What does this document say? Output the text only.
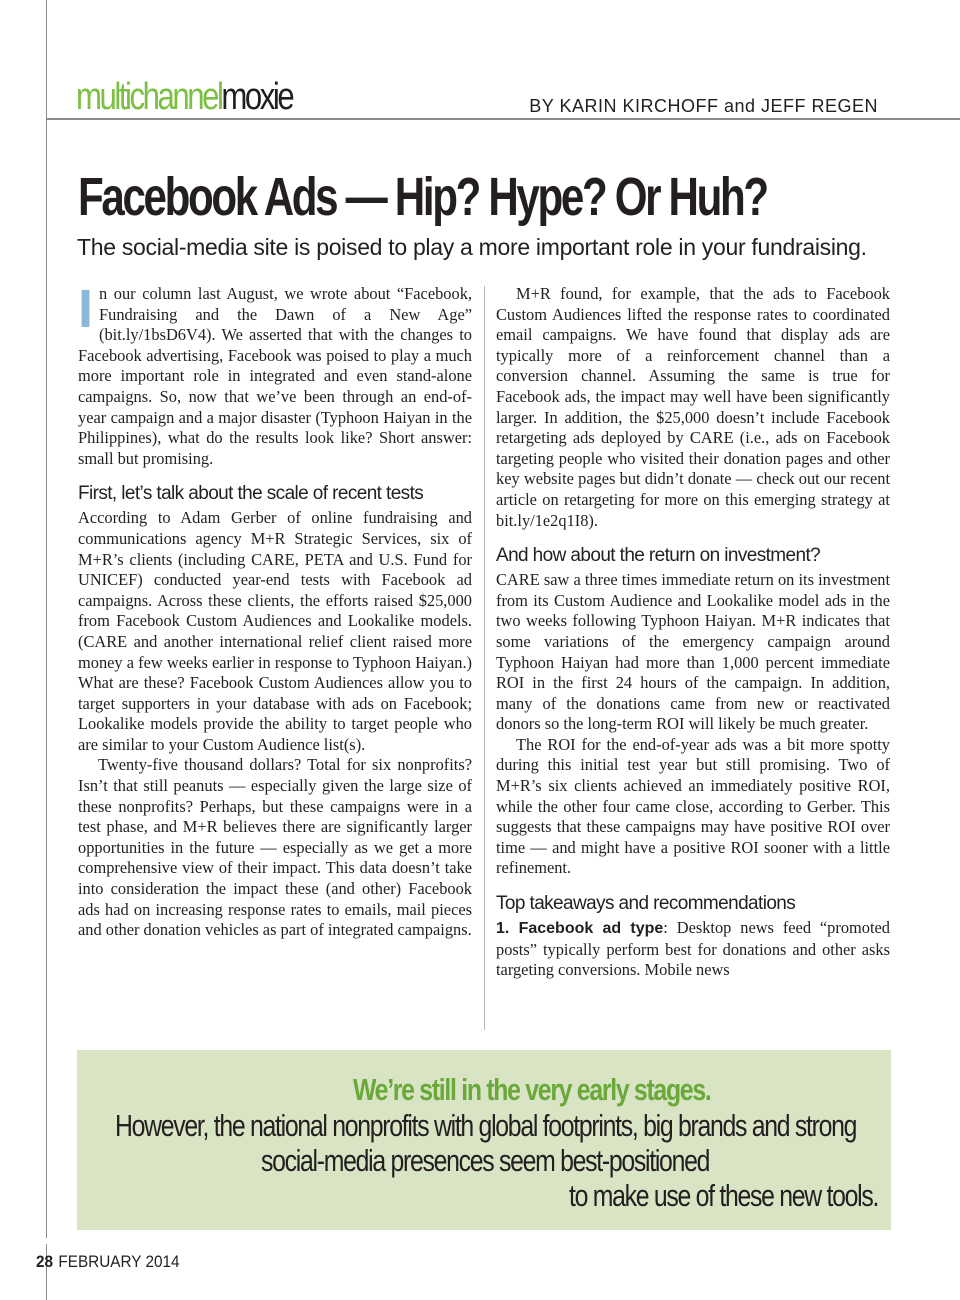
multichannelmoxie	BY KARIN KIRCHOFF and JEFF REGEN
Facebook Ads — Hip? Hype? Or Huh?
The social-media site is poised to play a more important role in your fundraising.

In our column last August, we wrote about “Facebook, Fundraising and the Dawn of a New Age” (bit.ly/1bsD6V4). We asserted that with the changes to Facebook advertising, Facebook was poised to play a much more important role in integrated and even stand-alone campaigns. So, now that we’ve been through an end-of-year campaign and a major disaster (Typhoon Haiyan in the Philippines), what do the results look like? Short answer: small but promising.

First, let’s talk about the scale of recent tests

According to Adam Gerber of online fundraising and communications agency M+R Strategic Services, six of M+R’s clients (including CARE, PETA and U.S. Fund for UNICEF) conducted year-end tests with Facebook ad campaigns. Across these clients, the efforts raised $25,000 from Facebook Custom Audiences and Lookalike models. (CARE and another international relief client raised more money a few weeks earlier in response to Typhoon Haiyan.) What are these? Facebook Custom Audiences allow you to target supporters in your database with ads on Facebook; Lookalike models provide the ability to target people who are similar to your Custom Audience list(s).

Twenty-five thousand dollars? Total for six nonprofits? Isn’t that still peanuts — especially given the large size of these nonprofits? Perhaps, but these campaigns were in a test phase, and M+R believes there are significantly larger opportunities in the future — especially as we get a more comprehensive view of their impact. This data doesn’t take into consideration the impact these (and other) Facebook ads had on increasing response rates to emails, mail pieces and other donation vehicles as part of integrated campaigns.

M+R found, for example, that the ads to Facebook Custom Audiences lifted the response rates to coordinated email campaigns. We have found that display ads are typically more of a reinforcement channel than a conversion channel. Assuming the same is true for Facebook ads, the impact may well have been significantly larger. In addition, the $25,000 doesn’t include Facebook retargeting ads deployed by CARE (i.e., ads on Facebook targeting people who visited their donation pages and other key website pages but didn’t donate — check out our recent article on retargeting for more on this emerging strategy at bit.ly/1e2q1I8).

And how about the return on investment?

CARE saw a three times immediate return on its investment from its Custom Audience and Lookalike model ads in the two weeks following Typhoon Haiyan. M+R indicates that some variations of the emergency campaign around Typhoon Haiyan had more than 1,000 percent immediate ROI in the first 24 hours of the campaign. In addition, many of the donations came from new or reactivated donors so the long-term ROI will likely be much greater.

The ROI for the end-of-year ads was a bit more spotty during this initial test year but still promising. Two of M+R’s six clients achieved an immediately positive ROI, while the other four came close, according to Gerber. This suggests that these campaigns may have positive ROI over time — and might have a positive ROI sooner with a little refinement.

Top takeaways and recommendations

1. Facebook ad type: Desktop news feed “promoted posts” typically perform best for donations and other asks targeting conversions. Mobile news

We’re still in the very early stages.
However, the national nonprofits with global footprints, big brands and strong
social-media presences seem best-positioned
to make use of these new tools.
28 FEBRUARY 2014
